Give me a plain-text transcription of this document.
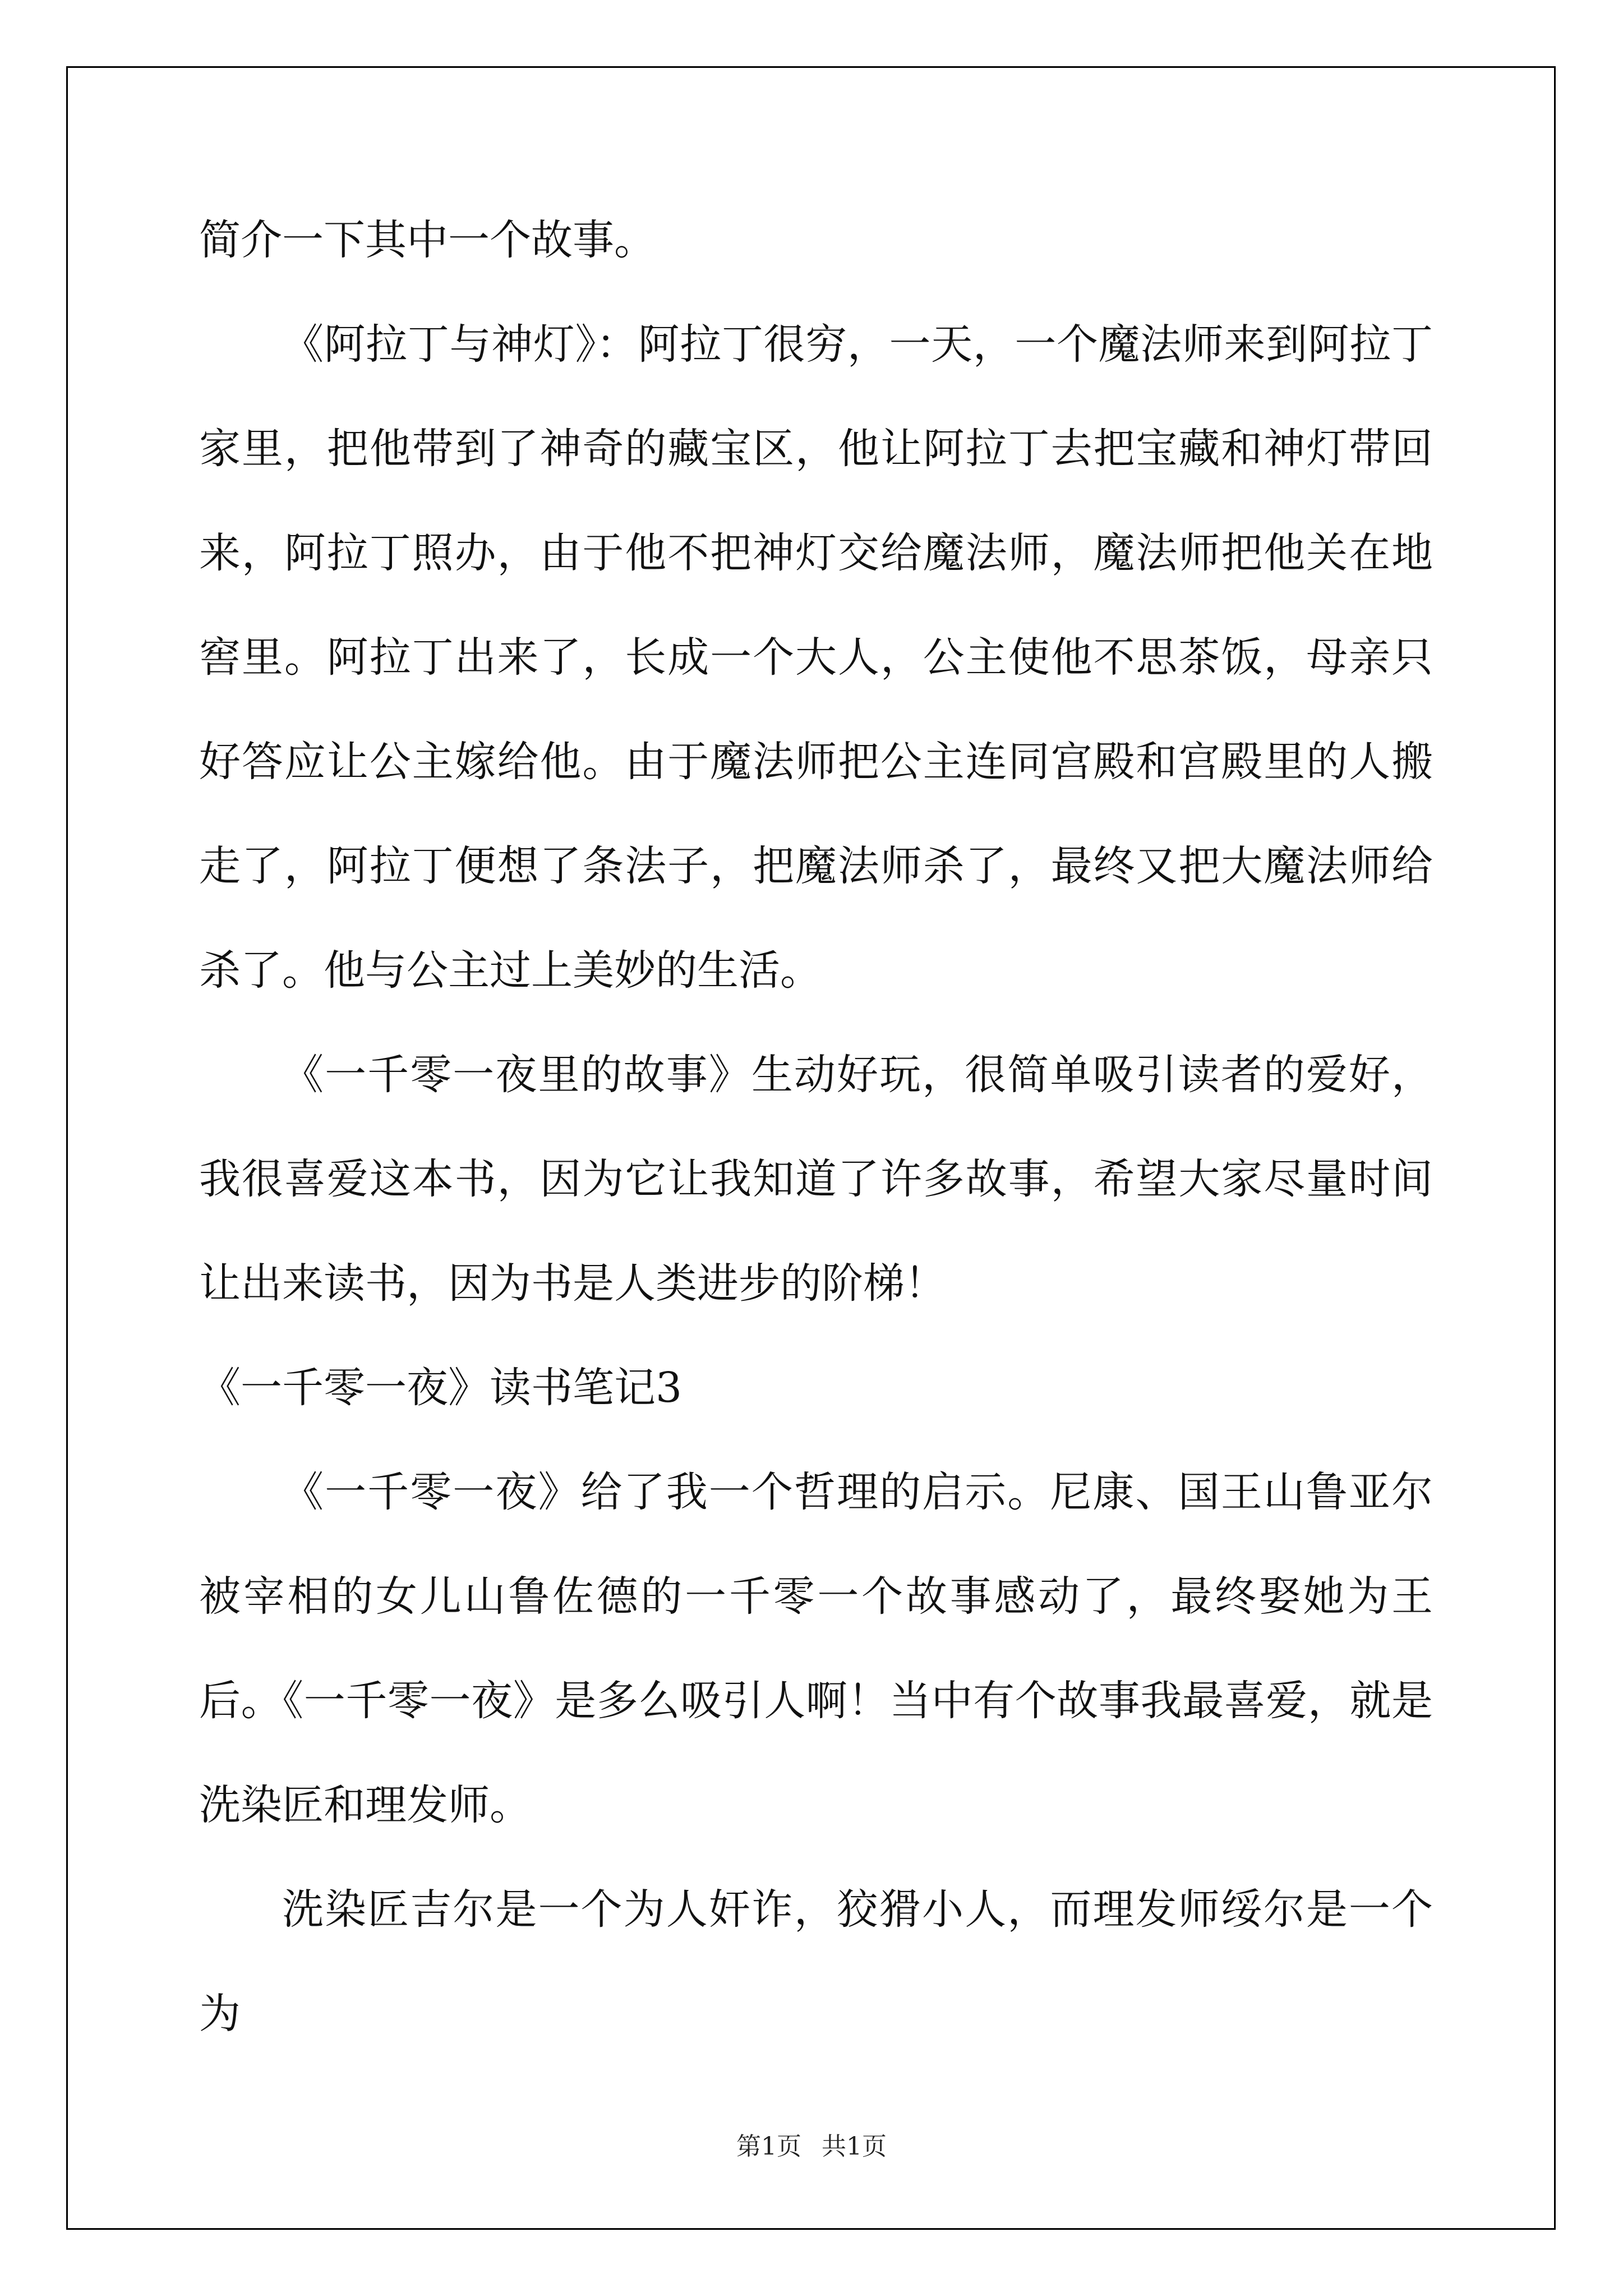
简介一下其中一个故事。

《阿拉丁与神灯》：阿拉丁很穷，一天，一个魔法师来到阿拉丁家里，把他带到了神奇的藏宝区，他让阿拉丁去把宝藏和神灯带回来，阿拉丁照办，由于他不把神灯交给魔法师，魔法师把他关在地窖里。阿拉丁出来了，长成一个大人，公主使他不思茶饭，母亲只好答应让公主嫁给他。由于魔法师把公主连同宫殿和宫殿里的人搬走了，阿拉丁便想了条法子，把魔法师杀了，最终又把大魔法师给杀了。他与公主过上美妙的生活。

《一千零一夜里的故事》生动好玩，很简单吸引读者的爱好，我很喜爱这本书，因为它让我知道了许多故事，希望大家尽量时间让出来读书，因为书是人类进步的阶梯！

《一千零一夜》读书笔记3

《一千零一夜》给了我一个哲理的启示。尼康、国王山鲁亚尔被宰相的女儿山鲁佐德的一千零一个故事感动了，最终娶她为王后。《一千零一夜》是多么吸引人啊！当中有个故事我最喜爱，就是洗染匠和理发师。

洗染匠吉尔是一个为人奸诈，狡猾小人，而理发师绥尔是一个为

第1页 共1页
